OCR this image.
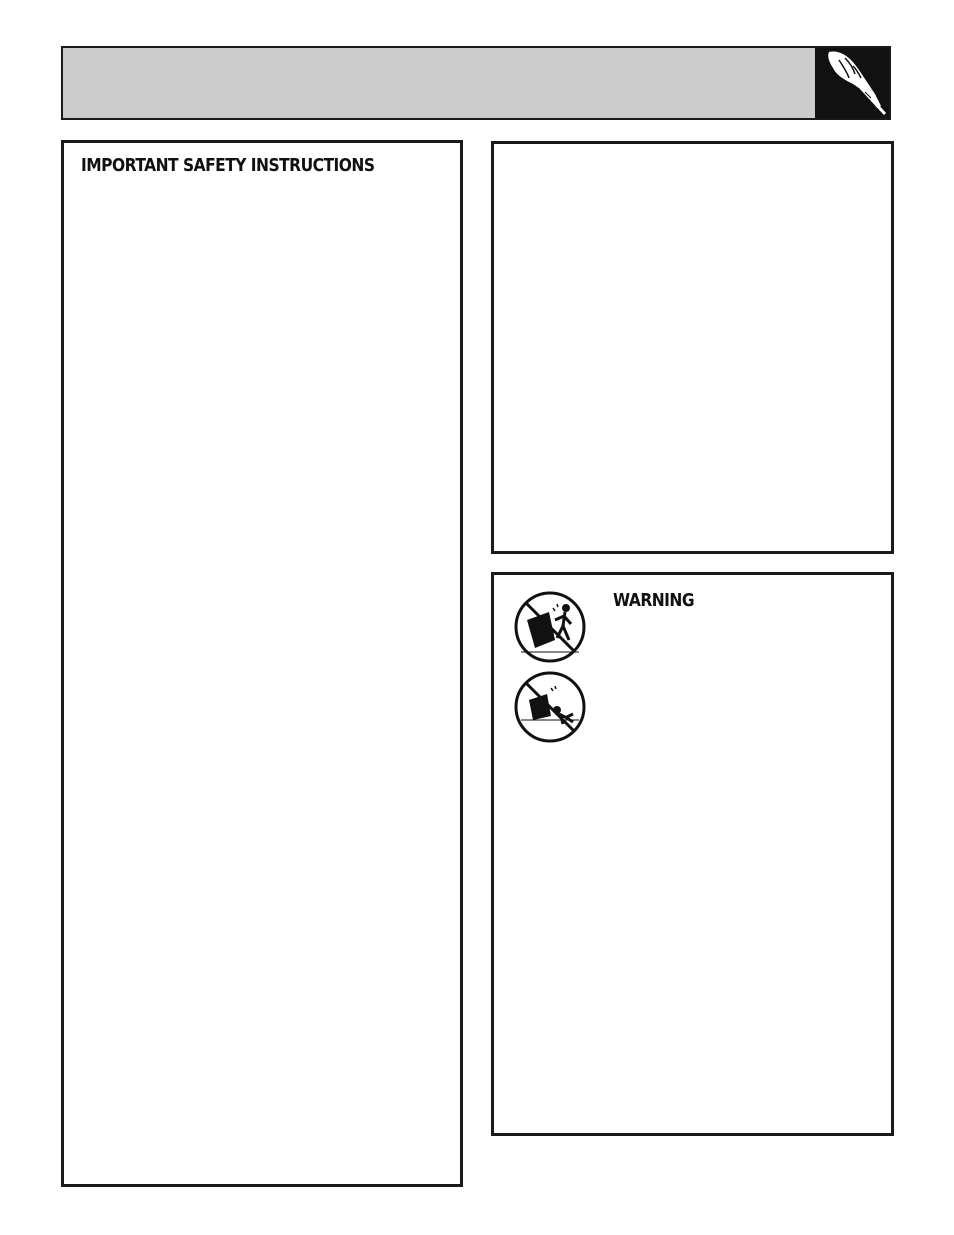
IMPORTANT SAFETY INSTRUCTIONS
WARNING
